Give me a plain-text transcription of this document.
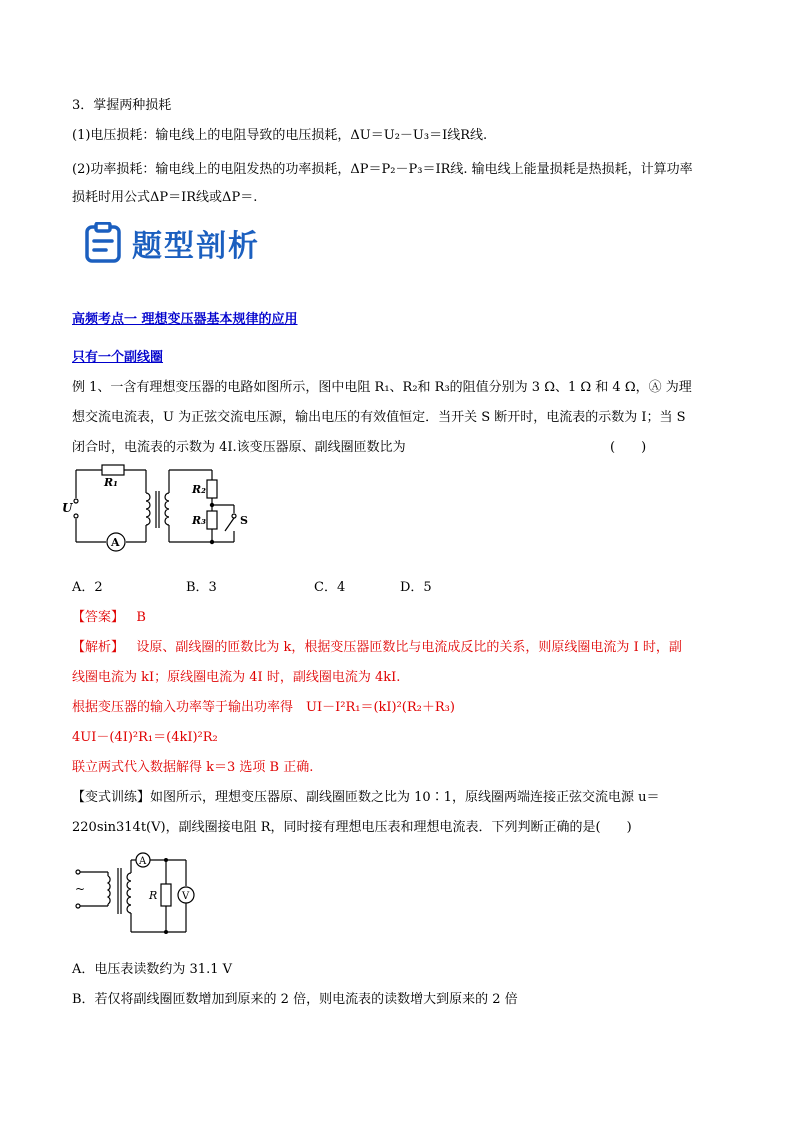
3．掌握两种损耗
(1)电压损耗：输电线上的电阻导致的电压损耗，ΔU＝U₂－U₃＝I线R线.
(2)功率损耗：输电线上的电阻发热的功率损耗，ΔP＝P₂－P₃＝IR线. 输电线上能量损耗是热损耗，计算功率
损耗时用公式ΔP＝IR线或ΔP＝.
题型剖析
高频考点一 理想变压器基本规律的应用
只有一个副线圈
例 1、一含有理想变压器的电路如图所示，图中电阻 R₁、R₂和 R₃的阻值分别为 3 Ω、1 Ω 和 4 Ω，Ⓐ 为理
想交流电流表，U 为正弦交流电压源，输出电压的有效值恒定．当开关 S 断开时，电流表的示数为 I；当 S
闭合时，电流表的示数为 4I.该变压器原、副线圈匝数比为	(　　)
A
U
R₁
R₂
R₃	S
A．2	B．3	C．4	D．5
【答案】 B
【解析】 设原、副线圈的匝数比为 k，根据变压器匝数比与电流成反比的关系，则原线圈电流为 I 时，副
线圈电流为 kI；原线圈电流为 4I 时，副线圈电流为 4kI.
根据变压器的输入功率等于输出功率得　UI－I²R₁＝(kI)²(R₂＋R₃)
4UI－(4I)²R₁＝(4kI)²R₂
联立两式代入数据解得 k＝3 选项 B 正确.
【变式训练】如图所示，理想变压器原、副线圈匝数之比为 10∶1，原线圈两端连接正弦交流电源 u＝
220sin314t(V)，副线圈接电阻 R，同时接有理想电压表和理想电流表．下列判断正确的是(　　)
~
A
V
R
A．电压表读数约为 31.1 V
B．若仅将副线圈匝数增加到原来的 2 倍，则电流表的读数增大到原来的 2 倍
